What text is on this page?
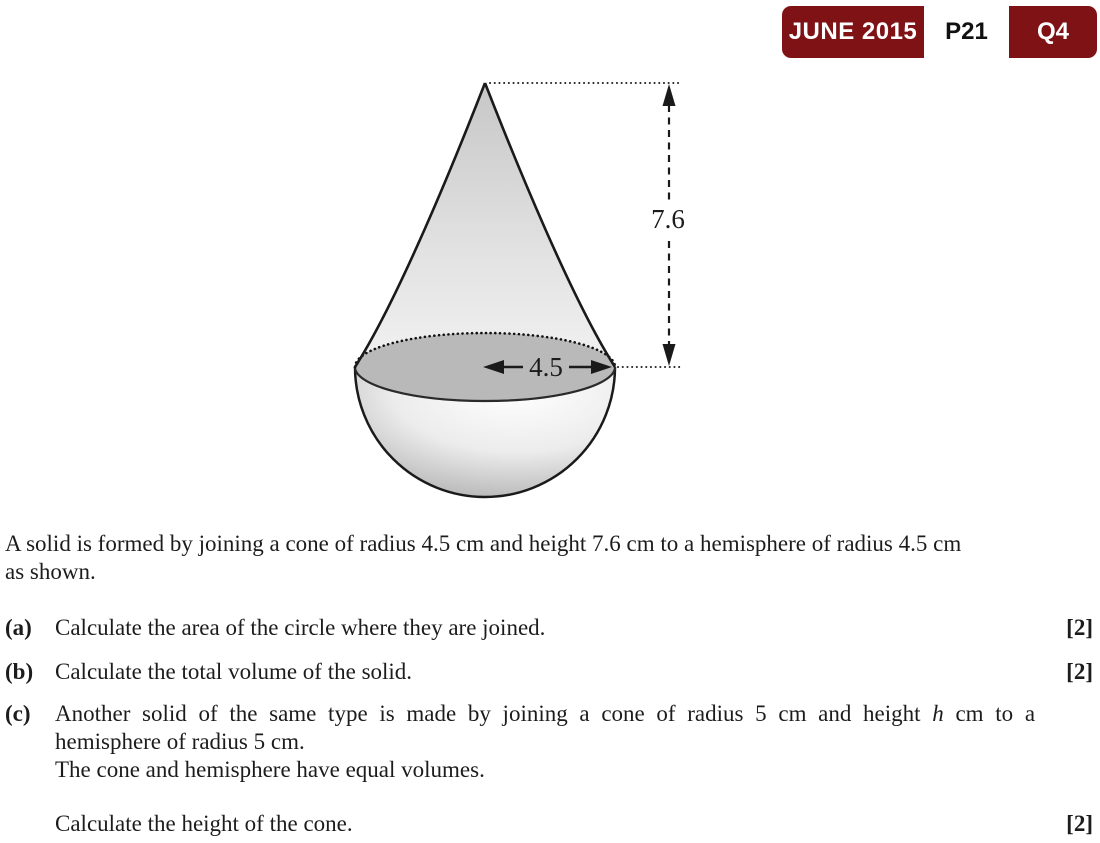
JUNE 2015	P21	Q4
7.6
4.5
A solid is formed by joining a cone of radius 4.5 cm and height 7.6 cm to a hemisphere of radius 4.5 cm
as shown.
(a)	Calculate the area of the circle where they are joined.	[2]
(b) Calculate the total volume of the solid.	[2]
(c)	Another solid of the same type is made by joining a cone of radius 5 cm and height h cm to a
hemisphere of radius 5 cm.
The cone and hemisphere have equal volumes.
Calculate the height of the cone.	[2]
